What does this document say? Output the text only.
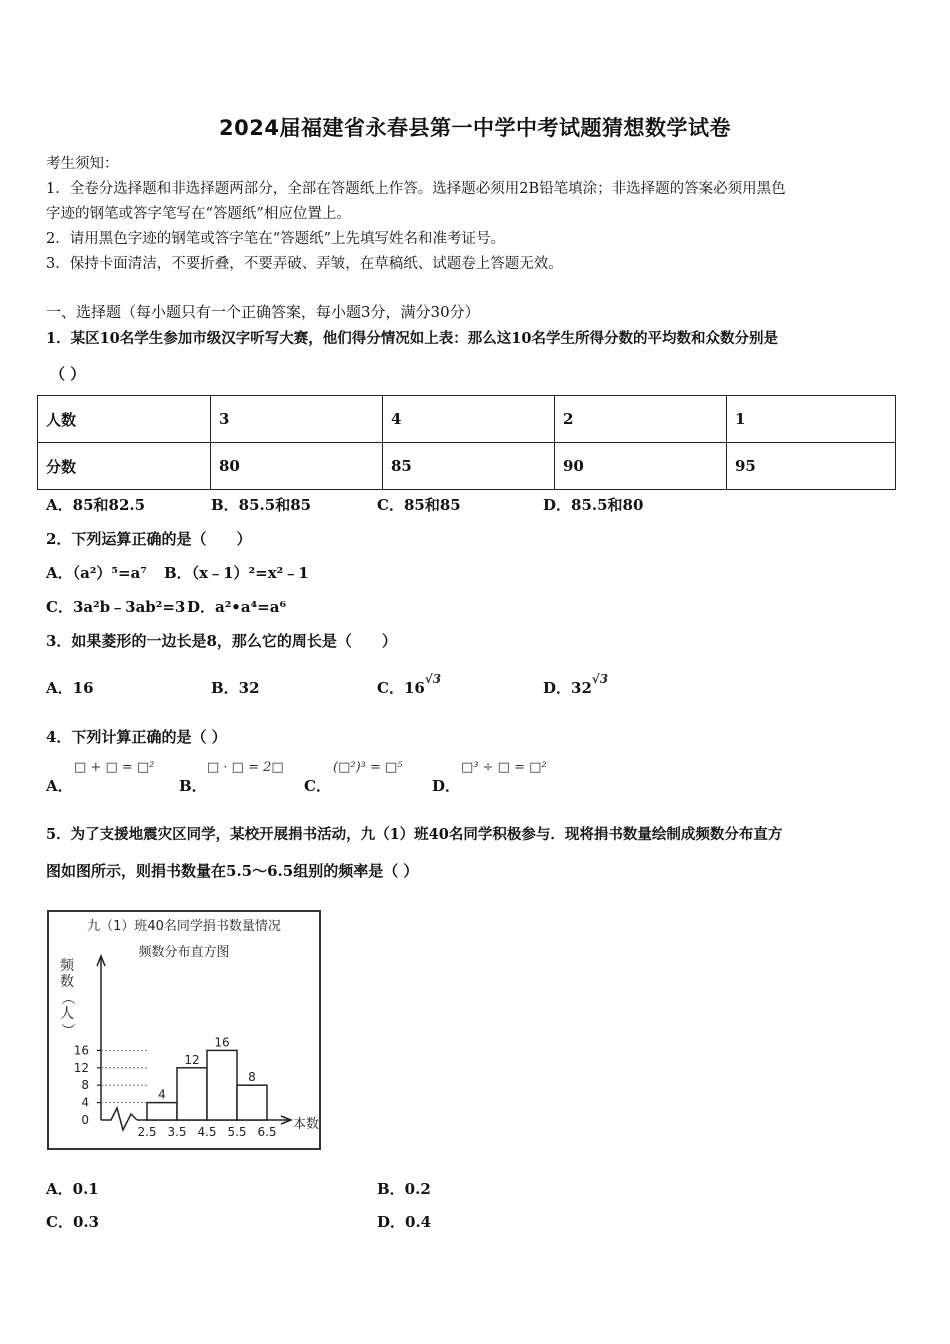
2024届福建省永春县第一中学中考试题猜想数学试卷
考生须知：
1．全卷分选择题和非选择题两部分，全部在答题纸上作答。选择题必须用2B铅笔填涂；非选择题的答案必须用黑色
字迹的钢笔或答字笔写在“答题纸”相应位置上。
2．请用黑色字迹的钢笔或答字笔在“答题纸”上先填写姓名和准考证号。
3．保持卡面清洁，不要折叠，不要弄破、弄皱，在草稿纸、试题卷上答题无效。
一、选择题（每小题只有一个正确答案，每小题3分，满分30分）
1．某区10名学生参加市级汉字听写大赛，他们得分情况如上表：那么这10名学生所得分数的平均数和众数分别是
（ ）
人数	3	4	2	1
分数	80	85	90	95
A．85和82.5	B．85.5和85	C．85和85	D．85.5和80
2．下列运算正确的是（　　）
A．（a²）⁵=a⁷ B．（x﹣1）²=x²﹣1
C．3a²b﹣3ab²=3 D．a²•a⁴=a⁶
3．如果菱形的一边长是8，那么它的周长是（　　）
A．16	B．32	C．$16^{√3}$	D．$32^{√3}$
4．下列计算正确的是（ ）
A．
□ + □ = □²
B．
□ · □ = 2□
C．
(□²)³ = □⁵
D．
□³ ÷ □ = □²
5．为了支援地震灾区同学，某校开展捐书活动，九（1）班40名同学积极参与．现将捐书数量绘制成频数分布直方
图如图所示，则捐书数量在5.5～6.5组别的频率是（ ）
九（1）班40名同学捐书数量情况
频数分布直方图
频
数
（
人
）
本数
0
4
8
12
16
4
12
16
8
2.5 3.5 4.5 5.5 6.5
A．0.1	B．0.2
C．0.3	D．0.4
